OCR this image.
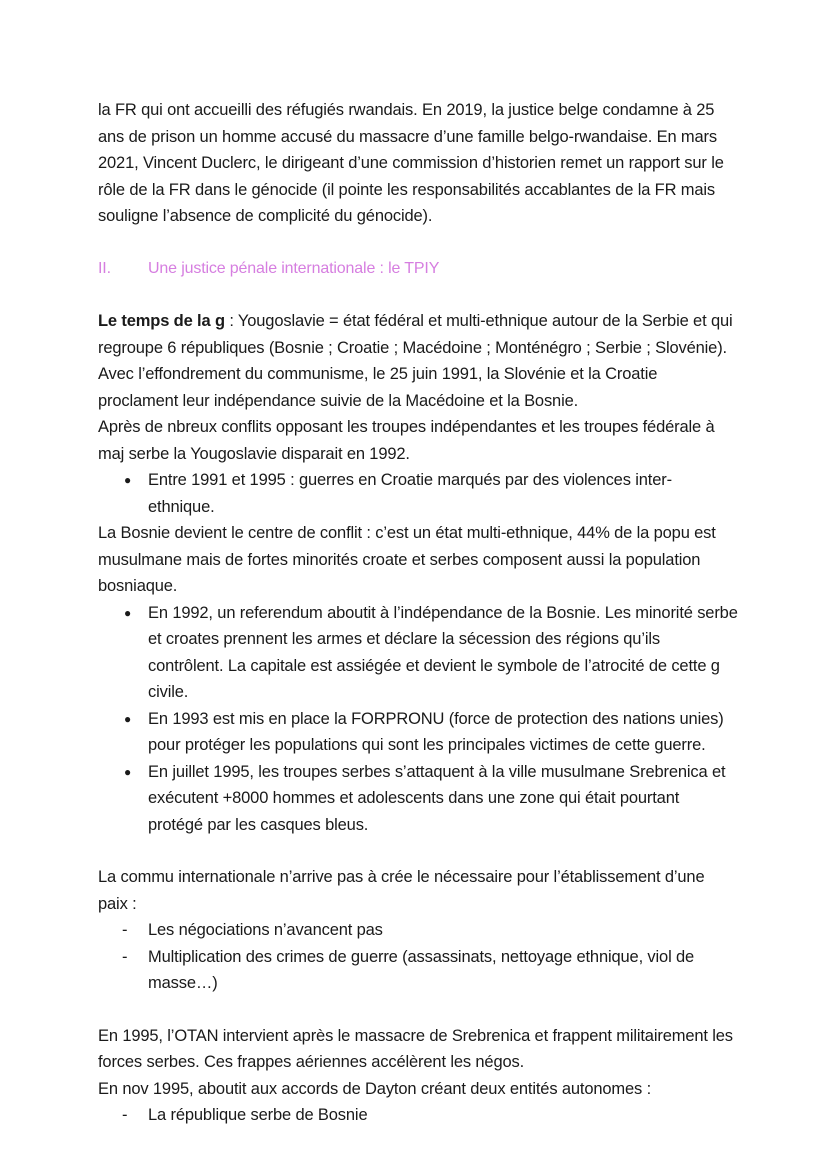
la FR qui ont accueilli des réfugiés rwandais. En 2019, la justice belge condamne à 25 ans de prison un homme accusé du massacre d’une famille belgo-rwandaise. En mars 2021, Vincent Duclerc, le dirigeant d’une commission d’historien remet un rapport sur le rôle de la FR dans le génocide (il pointe les responsabilités accablantes de la FR mais souligne l’absence de complicité du génocide).

II.	Une justice pénale internationale : le TPIY

Le temps de la g : Yougoslavie = état fédéral et multi-ethnique autour de la Serbie et qui regroupe 6 républiques (Bosnie ; Croatie ; Macédoine ; Monténégro ; Serbie ; Slovénie).

Avec l’effondrement du communisme, le 25 juin 1991, la Slovénie et la Croatie proclament leur indépendance suivie de la Macédoine et la Bosnie.

Après de nbreux conflits opposant les troupes indépendantes et les troupes fédérale à maj serbe la Yougoslavie disparait en 1992.

● Entre 1991 et 1995 : guerres en Croatie marqués par des violences inter-ethnique.

La Bosnie devient le centre de conflit : c’est un état multi-ethnique, 44% de la popu est musulmane mais de fortes minorités croate et serbes composent aussi la population bosniaque.

● En 1992, un referendum aboutit à l’indépendance de la Bosnie. Les minorité serbe et croates prennent les armes et déclare la sécession des régions qu’ils contrôlent. La capitale est assiégée et devient le symbole de l’atrocité de cette g civile.
● En 1993 est mis en place la FORPRONU (force de protection des nations unies) pour protéger les populations qui sont les principales victimes de cette guerre.
● En juillet 1995, les troupes serbes s’attaquent à la ville musulmane Srebrenica et exécutent +8000 hommes et adolescents dans une zone qui était pourtant protégé par les casques bleus.

La commu internationale n’arrive pas à crée le nécessaire pour l’établissement d’une paix :

- Les négociations n’avancent pas
- Multiplication des crimes de guerre (assassinats, nettoyage ethnique, viol de masse…)

En 1995, l’OTAN intervient après le massacre de Srebrenica et frappent militairement les forces serbes. Ces frappes aériennes accélèrent les négos.

En nov 1995, aboutit aux accords de Dayton créant deux entités autonomes :

- La république serbe de Bosnie
